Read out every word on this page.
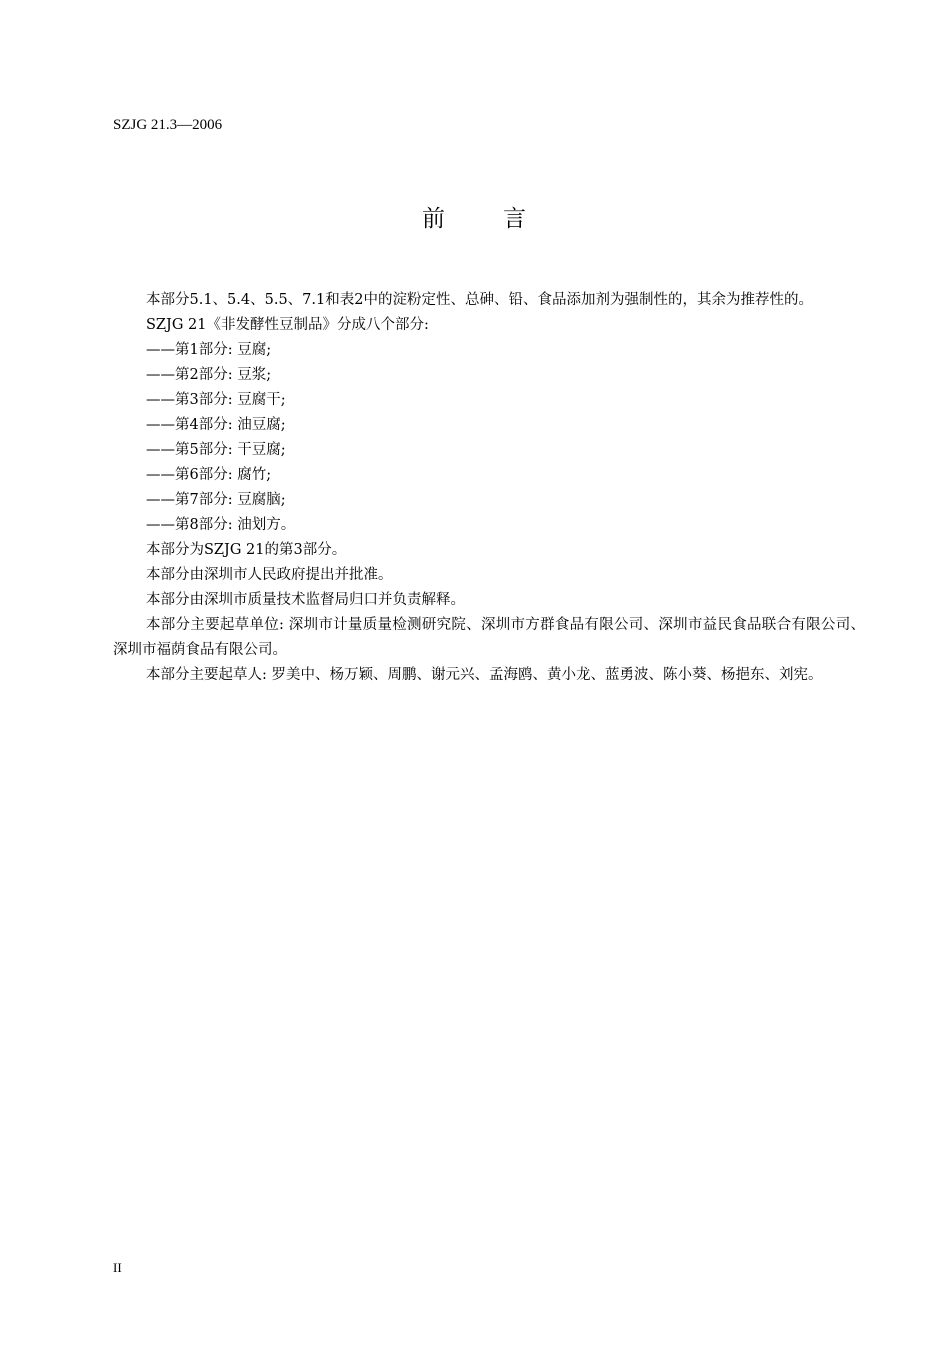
SZJG 21.3—2006
前 言

本部分5.1、5.4、5.5、7.1和表2中的淀粉定性、总砷、铅、食品添加剂为强制性的，其余为推荐性的。

SZJG 21《非发酵性豆制品》分成八个部分:

——第1部分: 豆腐;

——第2部分: 豆浆;

——第3部分: 豆腐干;

——第4部分: 油豆腐;

——第5部分: 干豆腐;

——第6部分: 腐竹;

——第7部分: 豆腐脑;

——第8部分: 油划方。

本部分为SZJG 21的第3部分。

本部分由深圳市人民政府提出并批准。

本部分由深圳市质量技术监督局归口并负责解释。

本部分主要起草单位: 深圳市计量质量检测研究院、深圳市方群食品有限公司、深圳市益民食品联合有限公司、深圳市福荫食品有限公司。

本部分主要起草人: 罗美中、杨万颖、周鹏、谢元兴、孟海鸥、黄小龙、蓝勇波、陈小葵、杨挹东、刘宪。

II
